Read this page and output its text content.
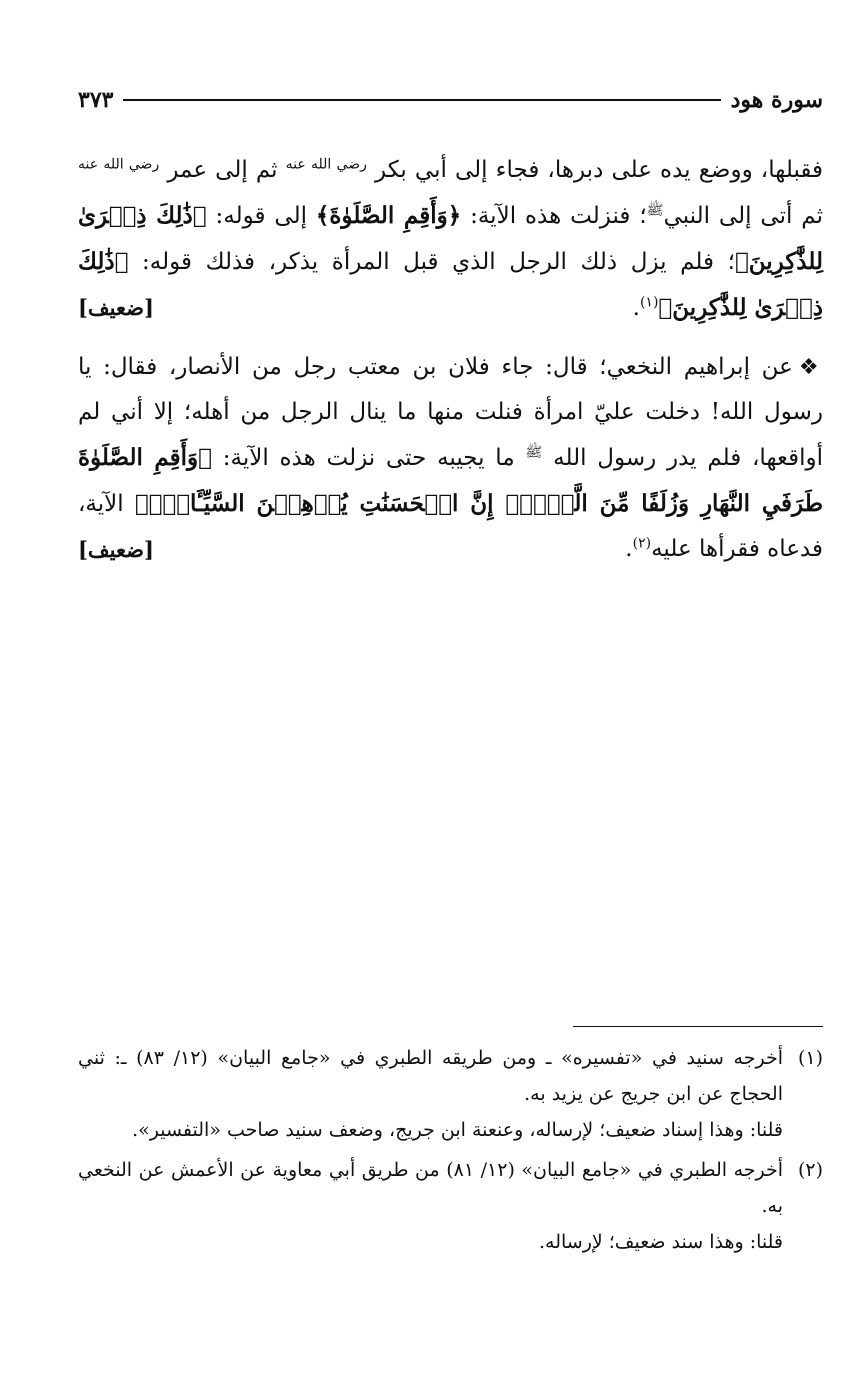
سورة هود
٣٧٣

فقبلها، ووضع يده على دبرها، فجاء إلى أبي بكر $^{رضي الله عنه}$ ثم إلى عمر $^{رضي الله عنه}$ ثم أتى إلى النبي$^ﷺ$؛ فنزلت هذه الآية: ﴿وَأَقِمِ الصَّلَوٰةَ﴾ إلى قوله: ﴿ذَٰلِكَ ذِكۡرَىٰ لِلذَّٰكِرِينَ﴾؛ فلم يزل ذلك الرجل الذي قبل المرأة يذكر، فذلك قوله: ﴿ذَٰلِكَ ذِكۡرَىٰ لِلذَّٰكِرِينَ﴾$^{(١)}$.
[ضعيف]

❖عن إبراهيم النخعي؛ قال: جاء فلان بن معتب رجل من الأنصار، فقال: يا رسول الله! دخلت عليّ امرأة فنلت منها ما ينال الرجل من أهله؛ إلا أني لم أواقعها، فلم يدر رسول الله $^ﷺ$ ما يجيبه حتى نزلت هذه الآية: ﴿وَأَقِمِ الصَّلَوٰةَ طَرَفَيِ النَّهَارِ وَزُلَفًا مِّنَ الَّيۡلِۚ إِنَّ الۡحَسَنَٰتِ يُذۡهِبۡنَ السَّيِّـَٔاتِۚ﴾ الآية، فدعاه فقرأها عليه$^{(٢)}$.
[ضعيف]

(١)
أخرجه سنيد في «تفسيره» ـ ومن طريقه الطبري في «جامع البيان» (١٢/ ٨٣) ـ: ثني الحجاج عن ابن جريج عن يزيد به.
قلنا: وهذا إسناد ضعيف؛ لإرساله، وعنعنة ابن جريج، وضعف سنيد صاحب «التفسير».
(٢)
أخرجه الطبري في «جامع البيان» (١٢/ ٨١) من طريق أبي معاوية عن الأعمش عن النخعي به.
قلنا: وهذا سند ضعيف؛ لإرساله.
